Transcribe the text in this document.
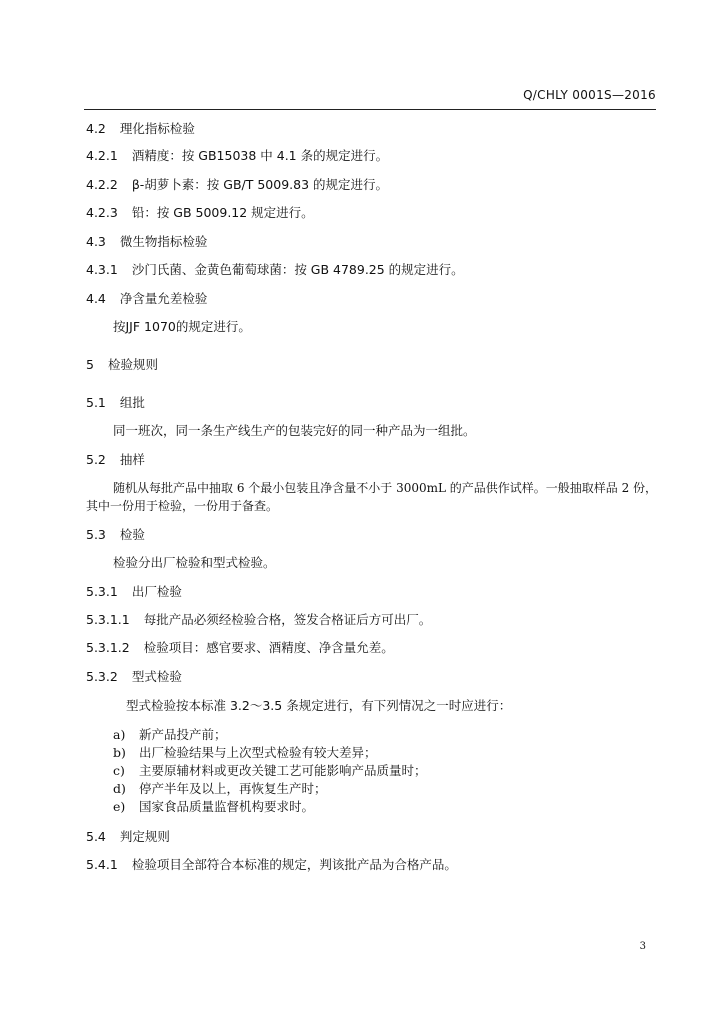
Q/CHLY 0001S—2016
4.2 理化指标检验
4.2.1 酒精度：按 GB15038 中 4.1 条的规定进行。
4.2.2 β-胡萝卜素：按 GB/T 5009.83 的规定进行。
4.2.3 铅：按 GB 5009.12 规定进行。
4.3 微生物指标检验
4.3.1 沙门氏菌、金黄色葡萄球菌：按 GB 4789.25 的规定进行。
4.4 净含量允差检验
按JJF 1070的规定进行。
5 检验规则
5.1 组批
同一班次，同一条生产线生产的包装完好的同一种产品为一组批。
5.2 抽样
随机从每批产品中抽取 6 个最小包装且净含量不小于 3000mL 的产品供作试样。一般抽取样品 2 份，
其中一份用于检验，一份用于备查。
5.3 检验
检验分出厂检验和型式检验。
5.3.1 出厂检验
5.3.1.1 每批产品必须经检验合格，签发合格证后方可出厂。
5.3.1.2 检验项目：感官要求、酒精度、净含量允差。
5.3.2 型式检验
型式检验按本标准 3.2～3.5 条规定进行，有下列情况之一时应进行：
a) 新产品投产前；
b) 出厂检验结果与上次型式检验有较大差异；
c) 主要原辅材料或更改关键工艺可能影响产品质量时；
d) 停产半年及以上，再恢复生产时；
e) 国家食品质量监督机构要求时。
5.4 判定规则
5.4.1 检验项目全部符合本标准的规定，判该批产品为合格产品。
3
